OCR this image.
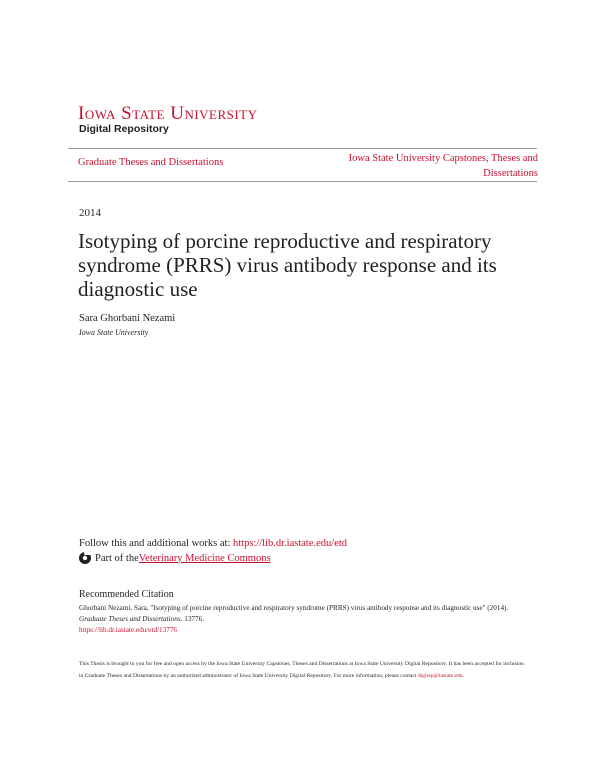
Iowa State University
Digital Repository
Graduate Theses and Dissertations	Iowa State University Capstones, Theses and Dissertations
2014
Isotyping of porcine reproductive and respiratory syndrome (PRRS) virus antibody response and its diagnostic use
Sara Ghorbani Nezami
Iowa State University
Follow this and additional works at: https://lib.dr.iastate.edu/etd
Part of the Veterinary Medicine Commons
Recommended Citation
Ghorbani Nezami, Sara, "Isotyping of porcine reproductive and respiratory syndrome (PRRS) virus antibody response and its diagnostic use" (2014). Graduate Theses and Dissertations. 13776.
https://lib.dr.iastate.edu/etd/13776
This Thesis is brought to you for free and open access by the Iowa State University Capstones, Theses and Dissertations at Iowa State University Digital Repository. It has been accepted for inclusion in Graduate Theses and Dissertations by an authorized administrator of Iowa State University Digital Repository. For more information, please contact digirep@iastate.edu.
